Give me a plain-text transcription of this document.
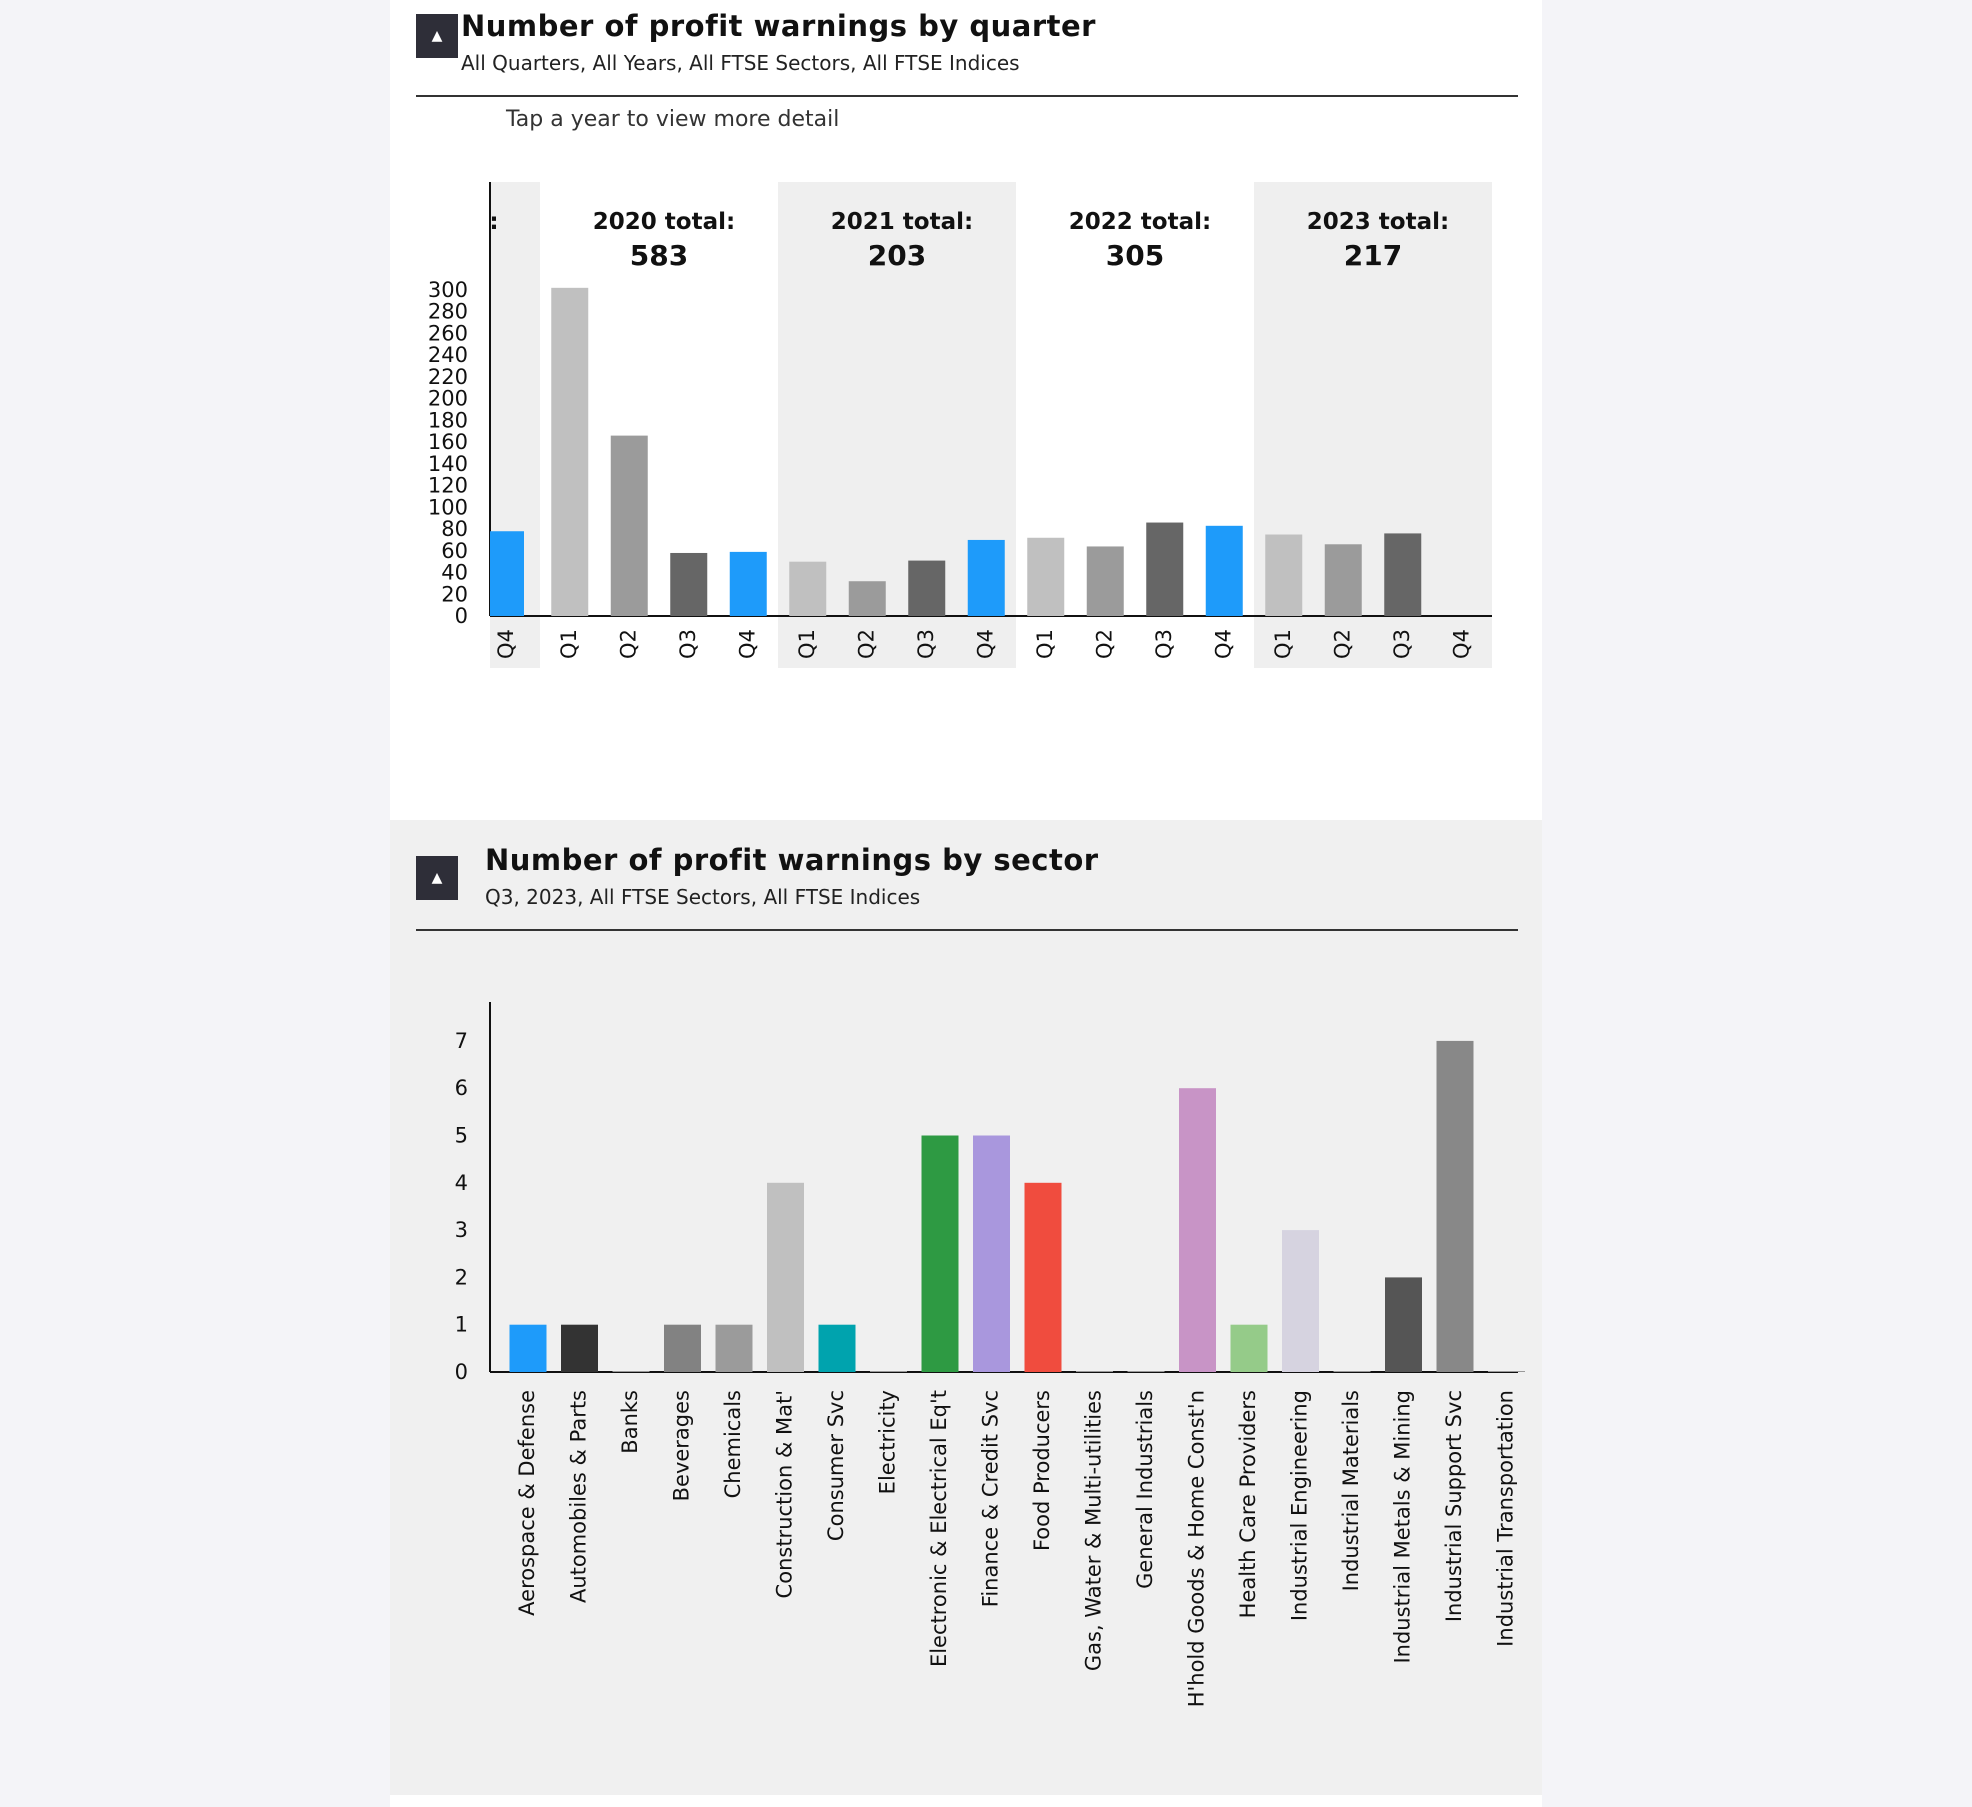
▲ Number of profit warnings by quarter
All Quarters, All Years, All FTSE Sectors, All FTSE Indices
Tap a year to view more detail
0
20
40
60
80
100
120
140
160
180
200
220
240
260
280
300
Q4
:
Q1 Q2 Q3 Q4
2020 total:
583
Q1 Q2 Q3 Q4
2021 total:
203
Q1 Q2 Q3 Q4
2022 total:
305
Q1 Q2 Q3 Q4
2023 total:
217
▲
Number of profit warnings by sector
Q3, 2023, All FTSE Sectors, All FTSE Indices
0
1
2
3
4
5
6
7
Aerospace & Defense Automobiles & Parts Banks Beverages Chemicals Construction & Mat' Consumer Svc Electricity Electronic & Electrical Eq't Finance & Credit Svc Food Producers Gas, Water & Multi-utilities General Industrials H'hold Goods & Home Const'n Health Care Providers Industrial Engineering Industrial Materials Industrial Metals & Mining Industrial Support Svc Industrial Transportation
